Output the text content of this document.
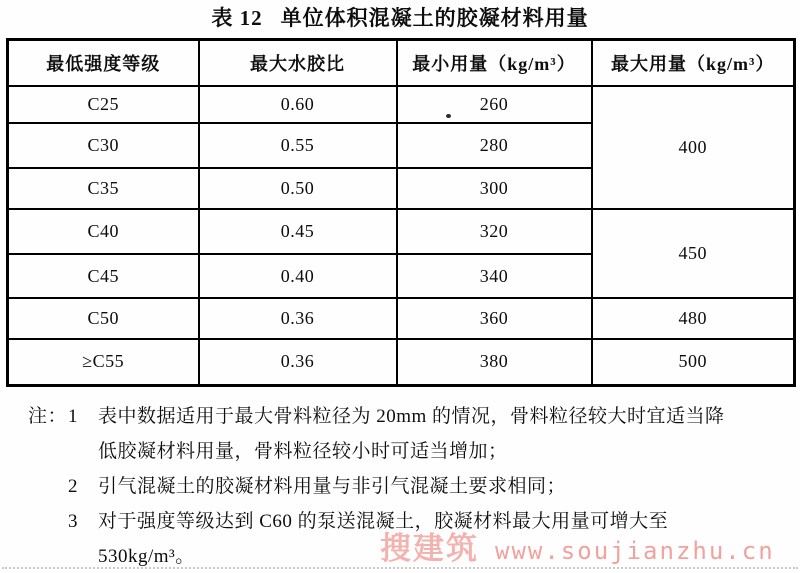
表 12 单位体积混凝土的胶凝材料用量
最低强度等级	最大水胶比	最小用量（kg/m³）	最大用量（kg/m³）
C25	0.60	260	400
C30	0.55	280	
C35	0.50	300	
C40	0.45	320	450
C45	0.40	340	
C50	0.36	360	480
≥C55	0.36	380	500
注： 1	表中数据适用于最大骨料粒径为 20mm 的情况，骨料粒径较大时宜适当降
低胶凝材料用量，骨料粒径较小时可适当增加；
2	引气混凝土的胶凝材料用量与非引气混凝土要求相同；
3	对于强度等级达到 C60 的泵送混凝土，胶凝材料最大用量可增大至
530kg/m³。	搜建筑 www.soujianzhu.cn
